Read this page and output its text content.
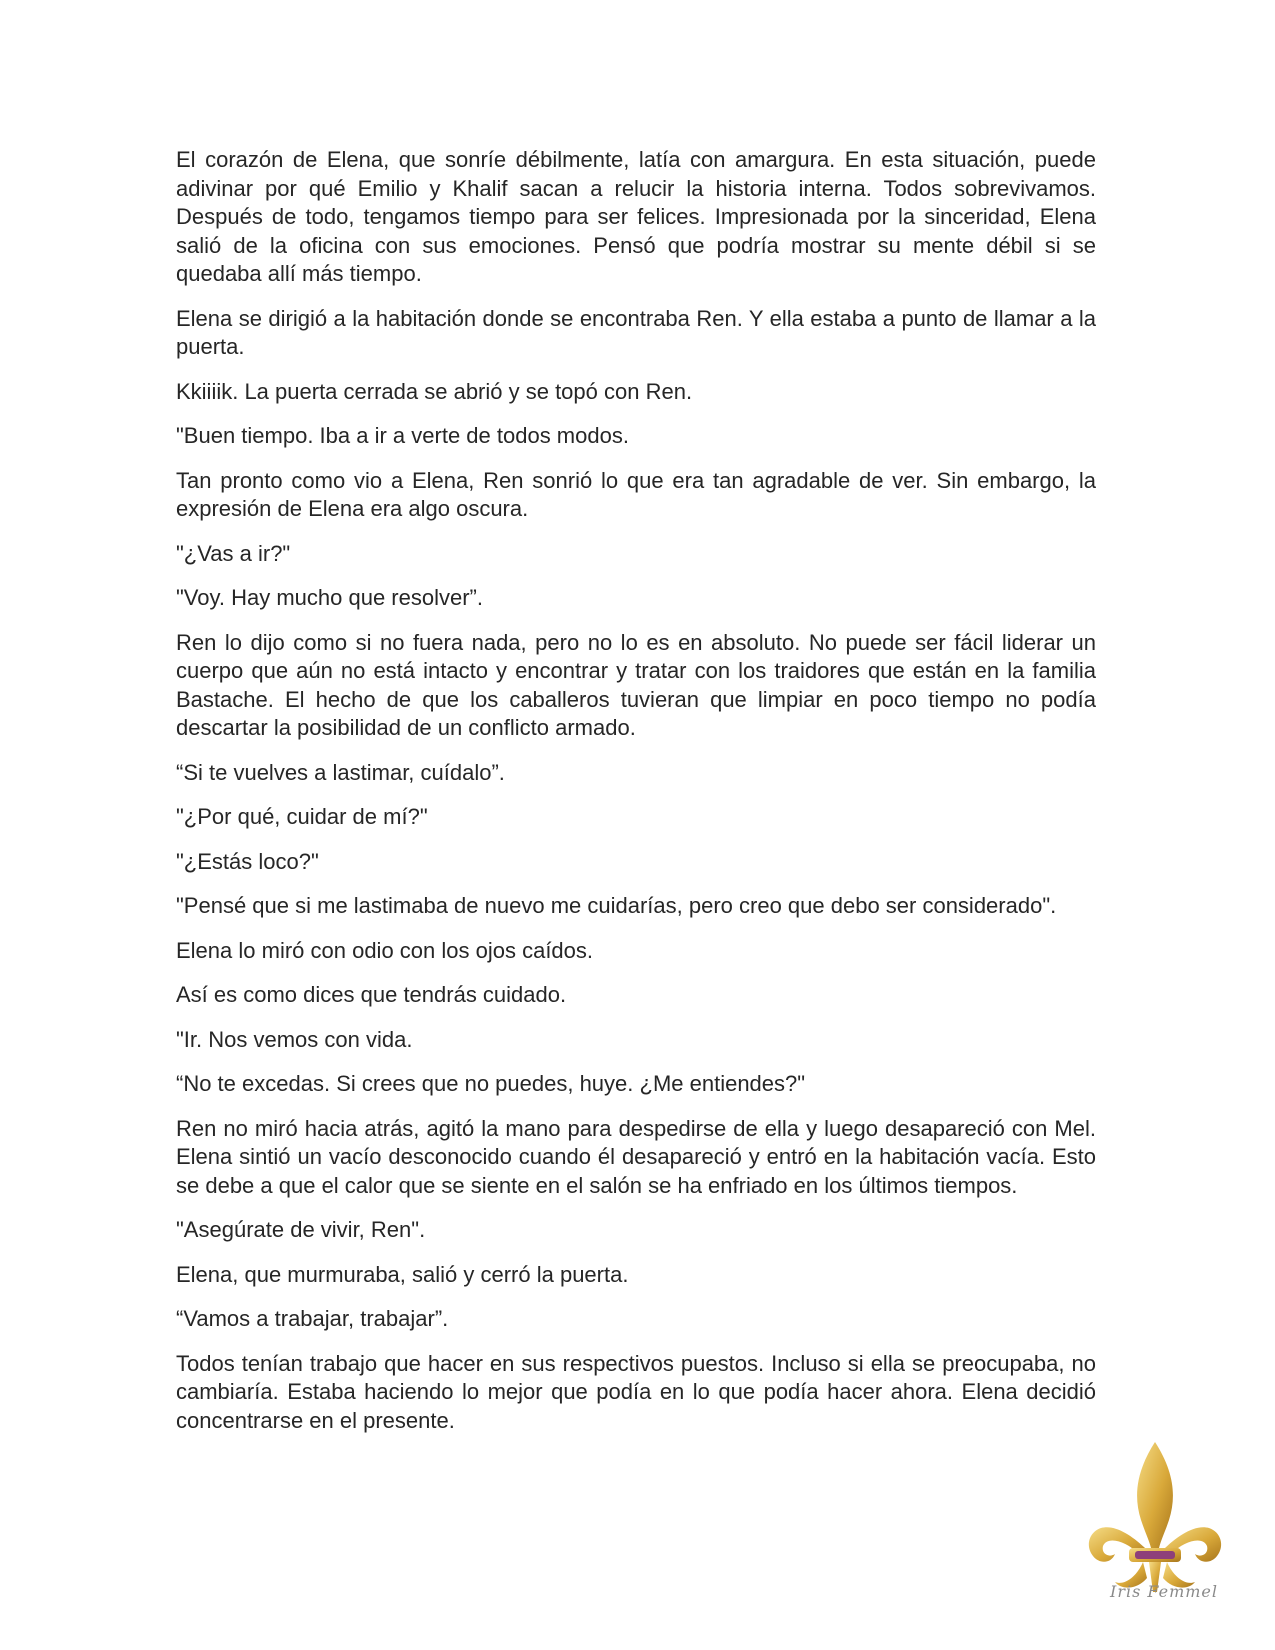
El corazón de Elena, que sonríe débilmente, latía con amargura. En esta situación, puede adivinar por qué Emilio y Khalif sacan a relucir la historia interna. Todos sobrevivamos. Después de todo, tengamos tiempo para ser felices. Impresionada por la sinceridad, Elena salió de la oficina con sus emociones. Pensó que podría mostrar su mente débil si se quedaba allí más tiempo.

Elena se dirigió a la habitación donde se encontraba Ren. Y ella estaba a punto de llamar a la puerta.

Kkiiiik. La puerta cerrada se abrió y se topó con Ren.

"Buen tiempo. Iba a ir a verte de todos modos.

Tan pronto como vio a Elena, Ren sonrió lo que era tan agradable de ver. Sin embargo, la expresión de Elena era algo oscura.

"¿Vas a ir?"

"Voy. Hay mucho que resolver”.

Ren lo dijo como si no fuera nada, pero no lo es en absoluto. No puede ser fácil liderar un cuerpo que aún no está intacto y encontrar y tratar con los traidores que están en la familia Bastache. El hecho de que los caballeros tuvieran que limpiar en poco tiempo no podía descartar la posibilidad de un conflicto armado.

“Si te vuelves a lastimar, cuídalo”.

"¿Por qué, cuidar de mí?"

"¿Estás loco?"

"Pensé que si me lastimaba de nuevo me cuidarías, pero creo que debo ser considerado".

Elena lo miró con odio con los ojos caídos.

Así es como dices que tendrás cuidado.

"Ir. Nos vemos con vida.

“No te excedas. Si crees que no puedes, huye. ¿Me entiendes?"

Ren no miró hacia atrás, agitó la mano para despedirse de ella y luego desapareció con Mel. Elena sintió un vacío desconocido cuando él desapareció y entró en la habitación vacía. Esto se debe a que el calor que se siente en el salón se ha enfriado en los últimos tiempos.

"Asegúrate de vivir, Ren".

Elena, que murmuraba, salió y cerró la puerta.

“Vamos a trabajar, trabajar”.

Todos tenían trabajo que hacer en sus respectivos puestos. Incluso si ella se preocupaba, no cambiaría. Estaba haciendo lo mejor que podía en lo que podía hacer ahora. Elena decidió concentrarse en el presente.

Iris Femmel
